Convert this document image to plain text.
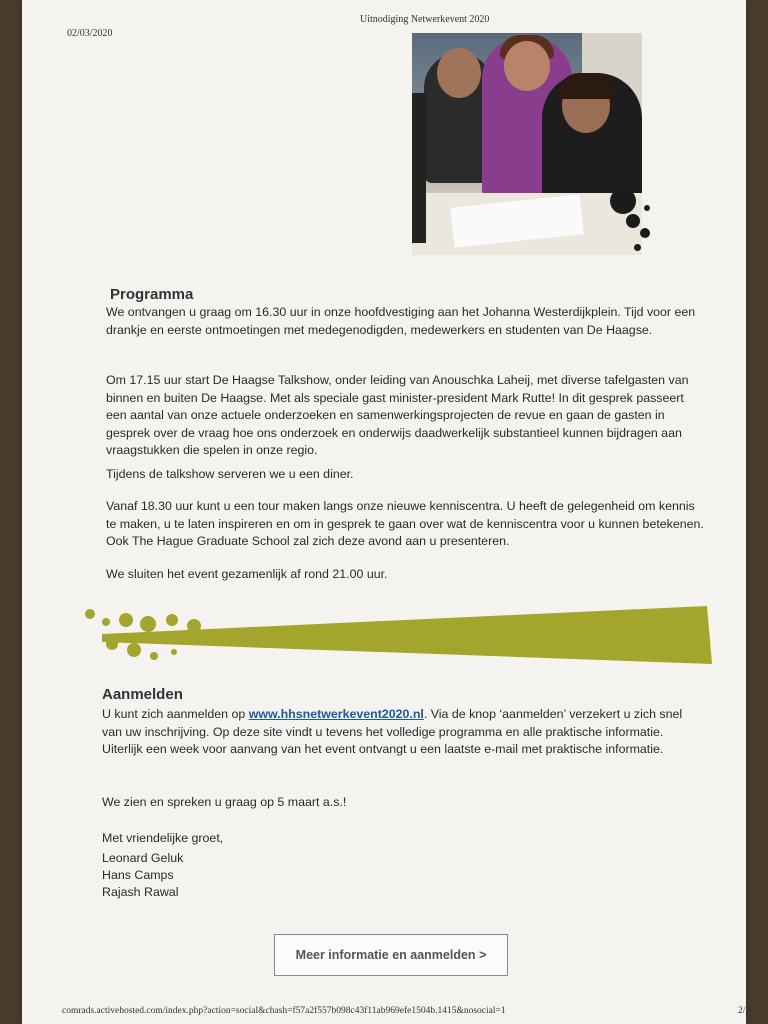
02/03/2020
Uitnodiging Netwerkevent 2020
Programma

We ontvangen u graag om 16.30 uur in onze hoofdvestiging aan het Johanna Westerdijkplein. Tijd voor een drankje en eerste ontmoetingen met medegenodigden, medewerkers en studenten van De Haagse.

Om 17.15 uur start De Haagse Talkshow, onder leiding van Anouschka Laheij, met diverse tafelgasten van binnen en buiten De Haagse. Met als speciale gast minister-president Mark Rutte! In dit gesprek passeert een aantal van onze actuele onderzoeken en samenwerkingsprojecten de revue en gaan de gasten in gesprek over de vraag hoe ons onderzoek en onderwijs daadwerkelijk substantieel kunnen bijdragen aan vraagstukken die spelen in onze regio.

Tijdens de talkshow serveren we u een diner.

Vanaf 18.30 uur kunt u een tour maken langs onze nieuwe kenniscentra. U heeft de gelegenheid om kennis te maken, u te laten inspireren en om in gesprek te gaan over wat de kenniscentra voor u kunnen betekenen. Ook The Hague Graduate School zal zich deze avond aan u presenteren.

We sluiten het event gezamenlijk af rond 21.00 uur.

Aanmelden

U kunt zich aanmelden op www.hhsnetwerkevent2020.nl. Via de knop ‘aanmelden’ verzekert u zich snel van uw inschrijving. Op deze site vindt u tevens het volledige programma en alle praktische informatie. Uiterlijk een week voor aanvang van het event ontvangt u een laatste e-mail met praktische informatie.

We zien en spreken u graag op 5 maart a.s.!

Met vriendelijke groet,
Leonard Geluk
Hans Camps
Rajash Rawal
Meer informatie en aanmelden >
comrads.activehosted.com/index.php?action=social&chash=f57a2f557b098c43f11ab969efe1504b.1415&nosocial=1	2/3
